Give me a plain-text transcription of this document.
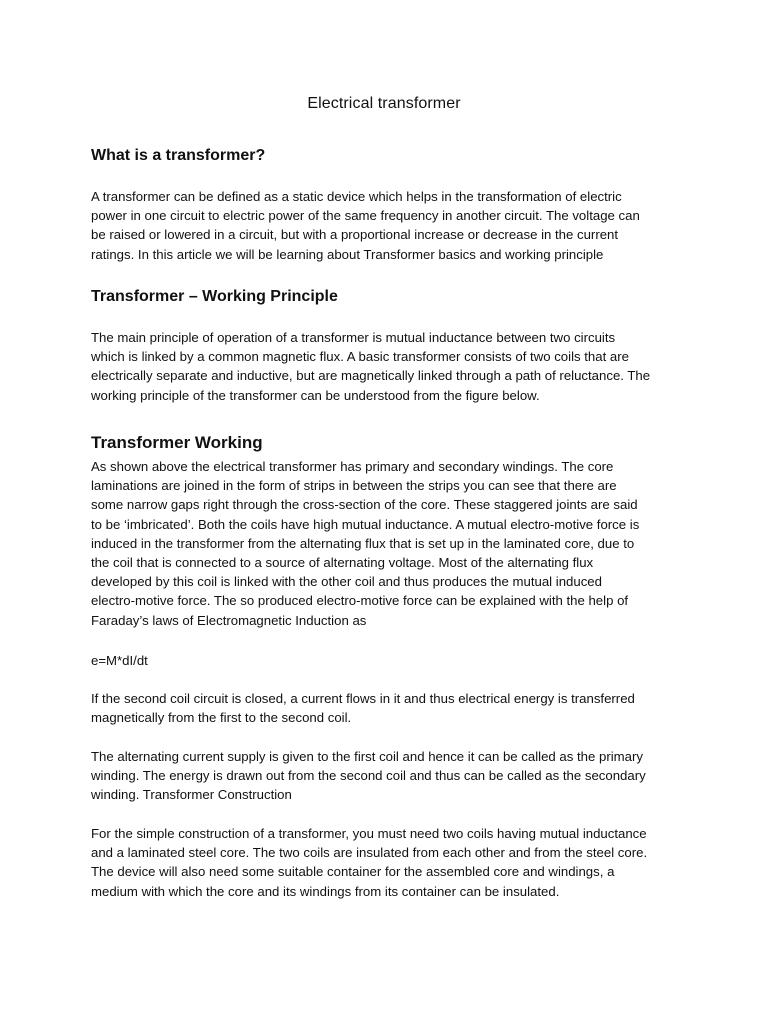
Electrical transformer
What is a transformer?

A transformer can be defined as a static device which helps in the transformation of electric
power in one circuit to electric power of the same frequency in another circuit. The voltage can
be raised or lowered in a circuit, but with a proportional increase or decrease in the current
ratings. In this article we will be learning about Transformer basics and working principle

Transformer – Working Principle

The main principle of operation of a transformer is mutual inductance between two circuits
which is linked by a common magnetic flux. A basic transformer consists of two coils that are
electrically separate and inductive, but are magnetically linked through a path of reluctance. The
working principle of the transformer can be understood from the figure below.

Transformer Working

As shown above the electrical transformer has primary and secondary windings. The core
laminations are joined in the form of strips in between the strips you can see that there are
some narrow gaps right through the cross-section of the core. These staggered joints are said
to be ‘imbricated’. Both the coils have high mutual inductance. A mutual electro-motive force is
induced in the transformer from the alternating flux that is set up in the laminated core, due to
the coil that is connected to a source of alternating voltage. Most of the alternating flux
developed by this coil is linked with the other coil and thus produces the mutual induced
electro-motive force. The so produced electro-motive force can be explained with the help of
Faraday’s laws of Electromagnetic Induction as

e=M*dI/dt

If the second coil circuit is closed, a current flows in it and thus electrical energy is transferred
magnetically from the first to the second coil.

The alternating current supply is given to the first coil and hence it can be called as the primary
winding. The energy is drawn out from the second coil and thus can be called as the secondary
winding. Transformer Construction

For the simple construction of a transformer, you must need two coils having mutual inductance
and a laminated steel core. The two coils are insulated from each other and from the steel core.
The device will also need some suitable container for the assembled core and windings, a
medium with which the core and its windings from its container can be insulated.
